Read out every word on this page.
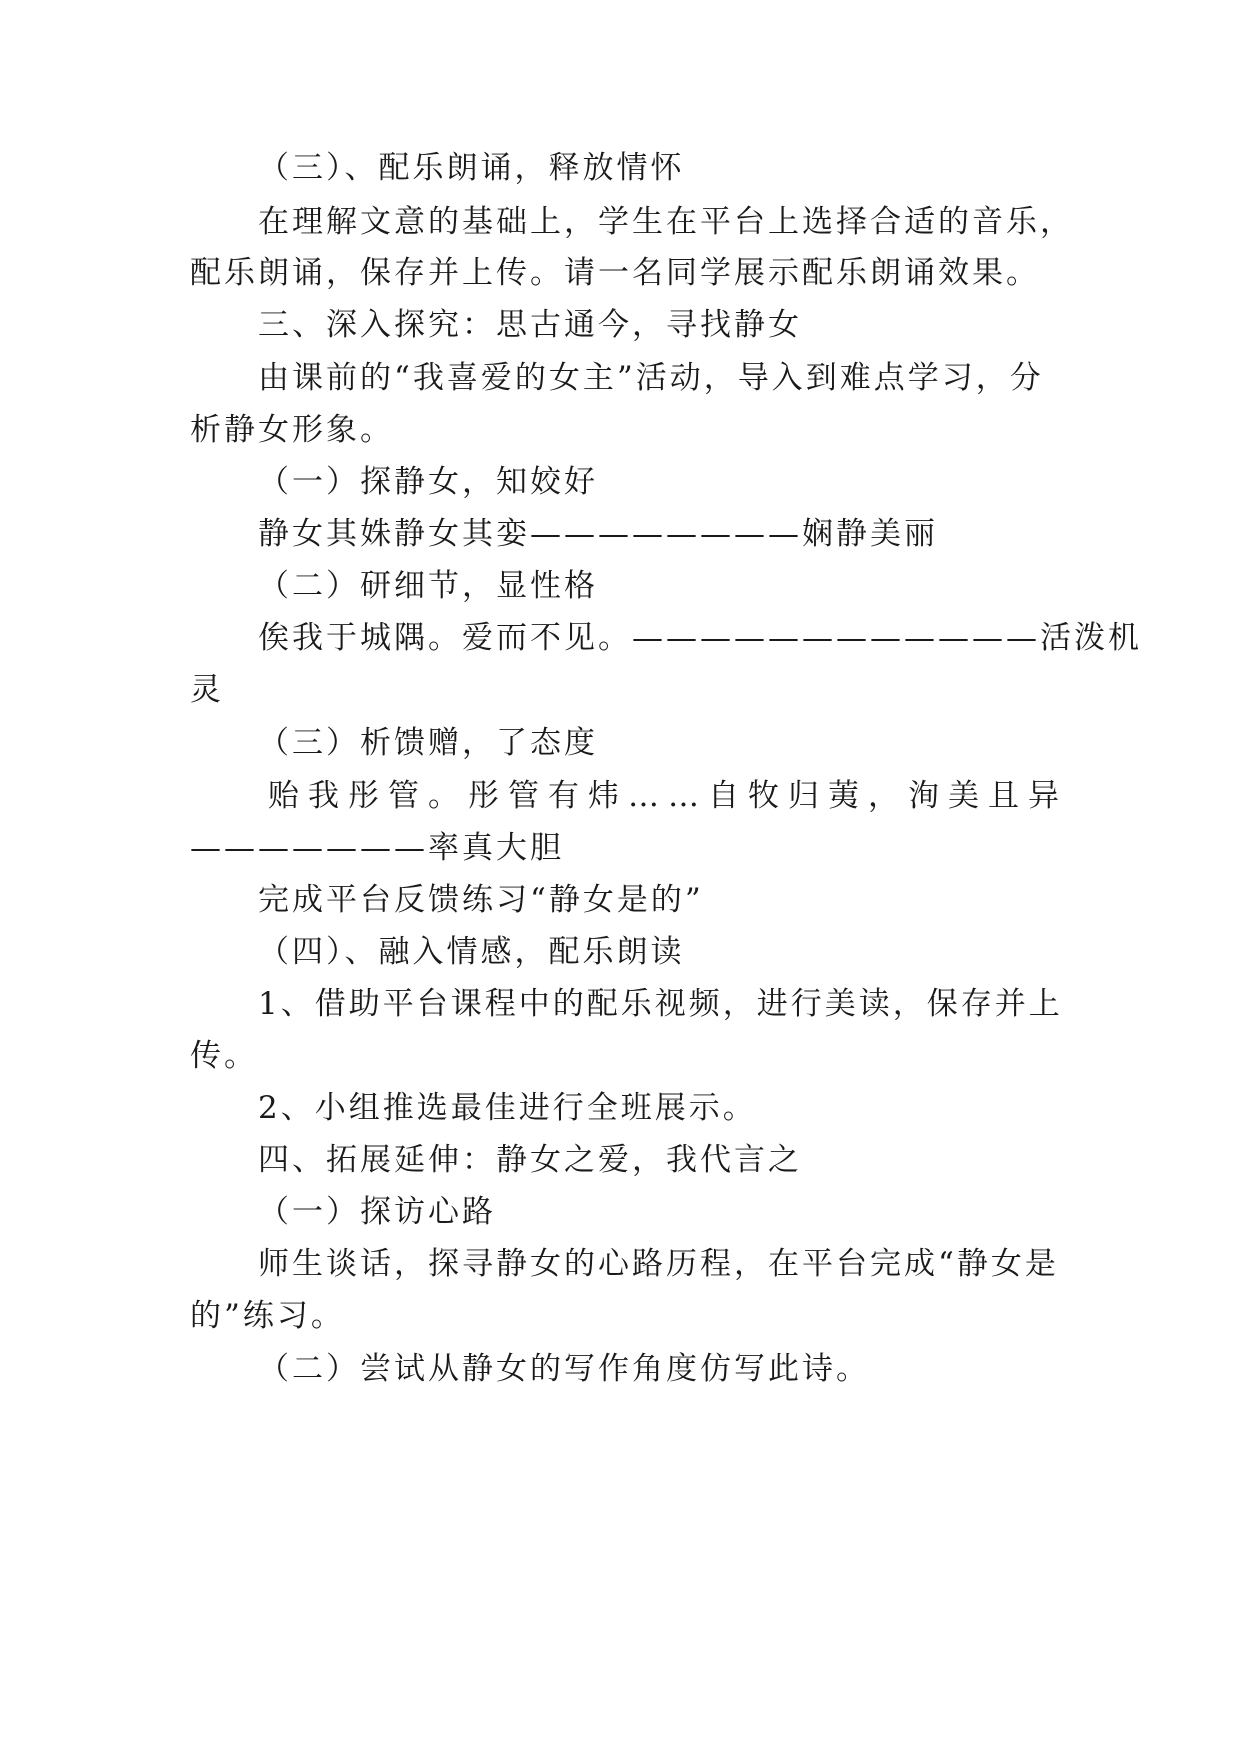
（三）、配乐朗诵，释放情怀
在理解文意的基础上，学生在平台上选择合适的音乐，
配乐朗诵，保存并上传。请一名同学展示配乐朗诵效果。
三、深入探究：思古通今，寻找静女
由课前的“我喜爱的女主”活动，导入到难点学习，分
析静女形象。
（一）探静女，知姣好
静女其姝静女其娈————————娴静美丽
（二）研细节，显性格
俟我于城隅。爱而不见。————————————活泼机
灵
（三）析馈赠，了态度
贻我彤管。彤管有炜……自牧归荑，洵美且异
———————率真大胆
完成平台反馈练习“静女是的”
（四）、融入情感，配乐朗读
1、借助平台课程中的配乐视频，进行美读，保存并上
传。
2、小组推选最佳进行全班展示。
四、拓展延伸：静女之爱，我代言之
（一）探访心路
师生谈话，探寻静女的心路历程，在平台完成“静女是
的”练习。
（二）尝试从静女的写作角度仿写此诗。
